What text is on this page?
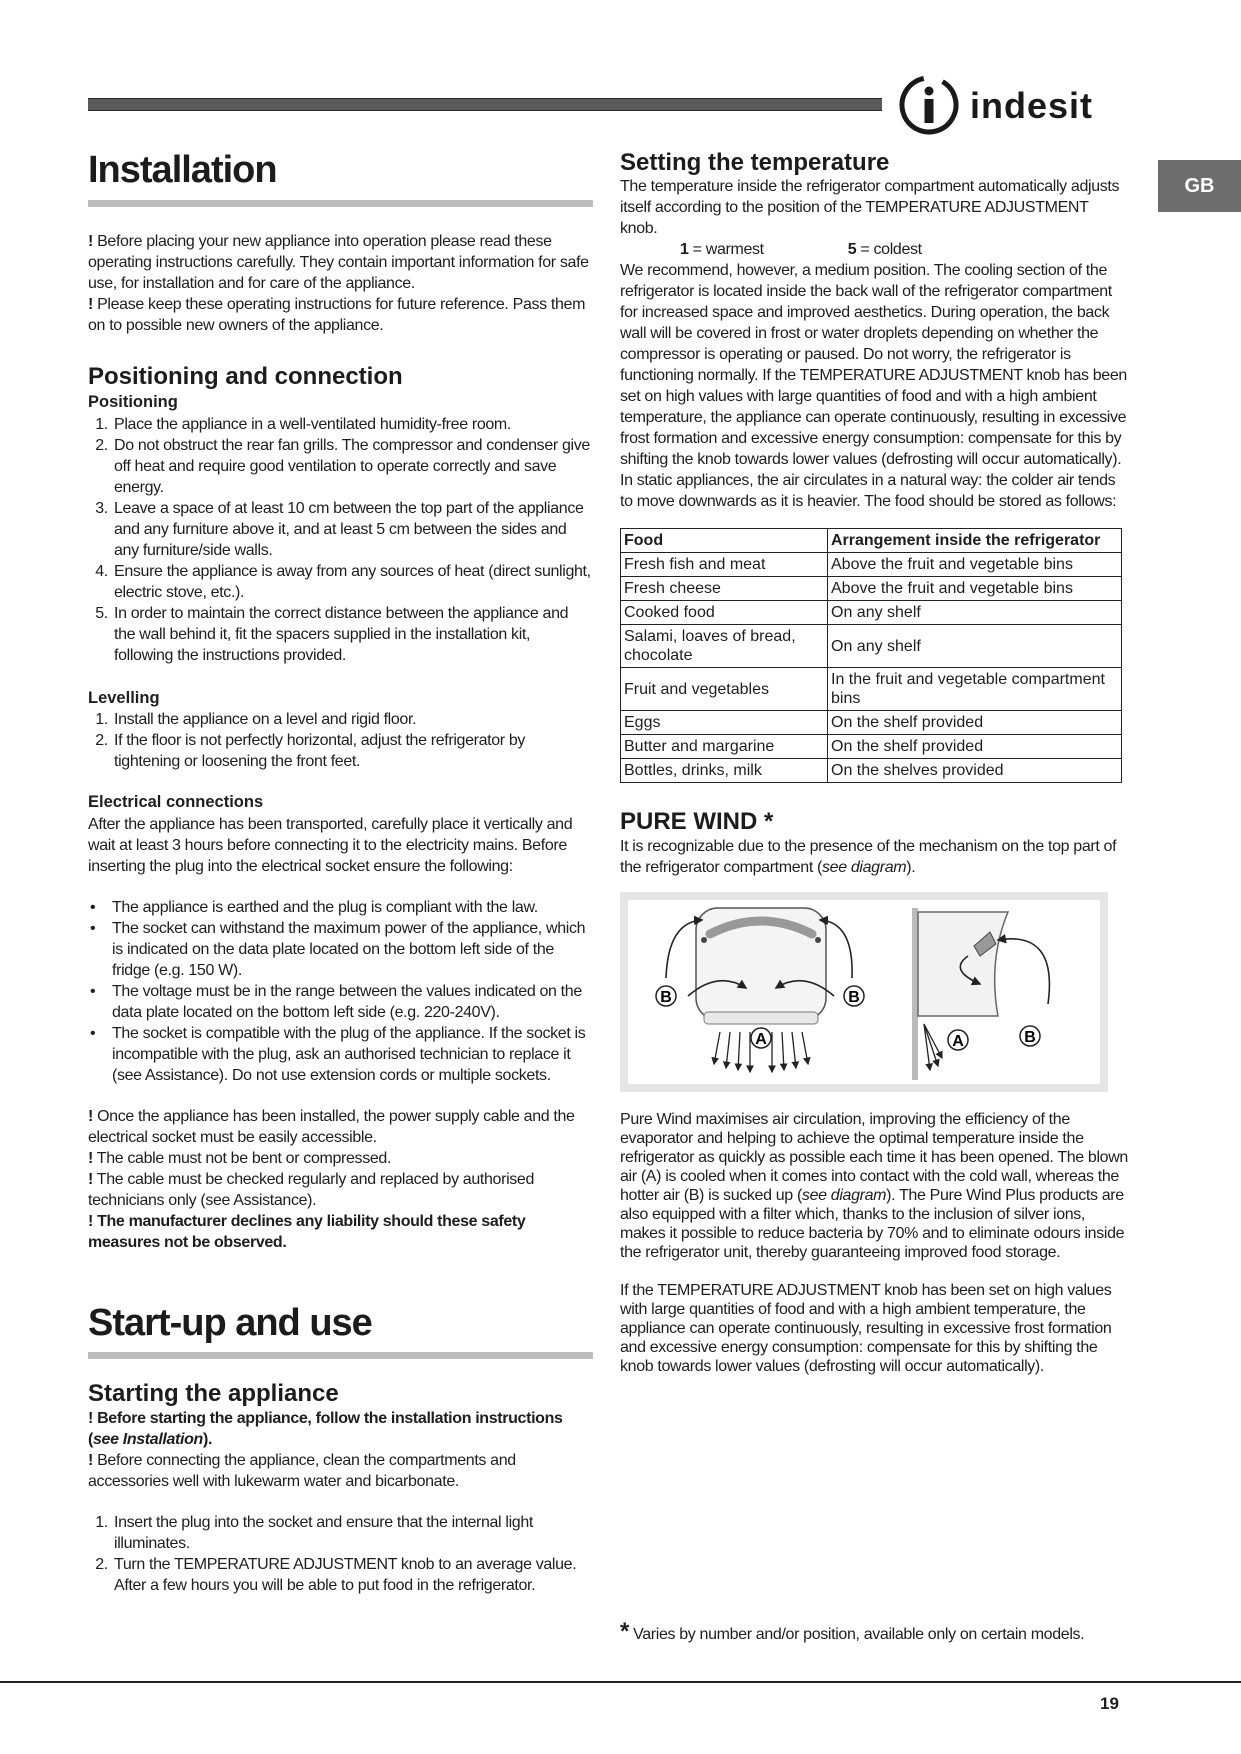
indesit
GB
Installation

! Before placing your new appliance into operation please read these operating instructions carefully. They contain important information for safe use, for installation and for care of the appliance.

! Please keep these operating instructions for future reference. Pass them on to possible new owners of the appliance.

Positioning and connection
Positioning
1. Place the appliance in a well-ventilated humidity-free room.
2. Do not obstruct the rear fan grills. The compressor and condenser give off heat and require good ventilation to operate correctly and save energy.
3. Leave a space of at least 10 cm between the top part of the appliance and any furniture above it, and at least 5 cm between the sides and any furniture/side walls.
4. Ensure the appliance is away from any sources of heat (direct sunlight, electric stove, etc.).
5. In order to maintain the correct distance between the appliance and the wall behind it, fit the spacers supplied in the installation kit, following the instructions provided.
Levelling
1. Install the appliance on a level and rigid floor.
2. If the floor is not perfectly horizontal, adjust the refrigerator by tightening or loosening the front feet.
Electrical connections

After the appliance has been transported, carefully place it vertically and wait at least 3 hours before connecting it to the electricity mains. Before inserting the plug into the electrical socket ensure the following:

• The appliance is earthed and the plug is compliant with the law.
• The socket can withstand the maximum power of the appliance, which is indicated on the data plate located on the bottom left side of the fridge (e.g. 150 W).
• The voltage must be in the range between the values indicated on the data plate located on the bottom left side (e.g. 220-240V).
• The socket is compatible with the plug of the appliance. If the socket is incompatible with the plug, ask an authorised technician to replace it (see Assistance). Do not use extension cords or multiple sockets.

! Once the appliance has been installed, the power supply cable and the electrical socket must be easily accessible.

! The cable must not be bent or compressed.

! The cable must be checked regularly and replaced by authorised technicians only (see Assistance).

! The manufacturer declines any liability should these safety measures not be observed.

Start-up and use
Starting the appliance

! Before starting the appliance, follow the installation instructions (see Installation).

! Before connecting the appliance, clean the compartments and accessories well with lukewarm water and bicarbonate.

1. Insert the plug into the socket and ensure that the internal light illuminates.
2. Turn the TEMPERATURE ADJUSTMENT knob to an average value. After a few hours you will be able to put food in the refrigerator.
Setting the temperature

The temperature inside the refrigerator compartment automatically adjusts itself according to the position of the TEMPERATURE ADJUSTMENT knob.

1 = warmest	5 = coldest

We recommend, however, a medium position. The cooling section of the refrigerator is located inside the back wall of the refrigerator compartment for increased space and improved aesthetics. During operation, the back wall will be covered in frost or water droplets depending on whether the compressor is operating or paused. Do not worry, the refrigerator is functioning normally. If the TEMPERATURE ADJUSTMENT knob has been set on high values with large quantities of food and with a high ambient temperature, the appliance can operate continuously, resulting in excessive frost formation and excessive energy consumption: compensate for this by shifting the knob towards lower values (defrosting will occur automatically). In static appliances, the air circulates in a natural way: the colder air tends to move downwards as it is heavier. The food should be stored as follows:

Food	Arrangement inside the refrigerator
Fresh fish and meat	Above the fruit and vegetable bins
Fresh cheese	Above the fruit and vegetable bins
Cooked food	On any shelf
Salami, loaves of bread, chocolate	On any shelf
Fruit and vegetables	In the fruit and vegetable compartment bins
Eggs	On the shelf provided
Butter and margarine	On the shelf provided
Bottles, drinks, milk	On the shelves provided
PURE WIND *

It is recognizable due to the presence of the mechanism on the top part of the refrigerator compartment (see diagram).

B	B
A	A	B

Pure Wind maximises air circulation, improving the efficiency of the evaporator and helping to achieve the optimal temperature inside the refrigerator as quickly as possible each time it has been opened. The blown air (A) is cooled when it comes into contact with the cold wall, whereas the hotter air (B) is sucked up (see diagram). The Pure Wind Plus products are also equipped with a filter which, thanks to the inclusion of silver ions, makes it possible to reduce bacteria by 70% and to eliminate odours inside the refrigerator unit, thereby guaranteeing improved food storage.

If the TEMPERATURE ADJUSTMENT knob has been set on high values with large quantities of food and with a high ambient temperature, the appliance can operate continuously, resulting in excessive frost formation and excessive energy consumption: compensate for this by shifting the knob towards lower values (defrosting will occur automatically).

* Varies by number and/or position, available only on certain models.

19
